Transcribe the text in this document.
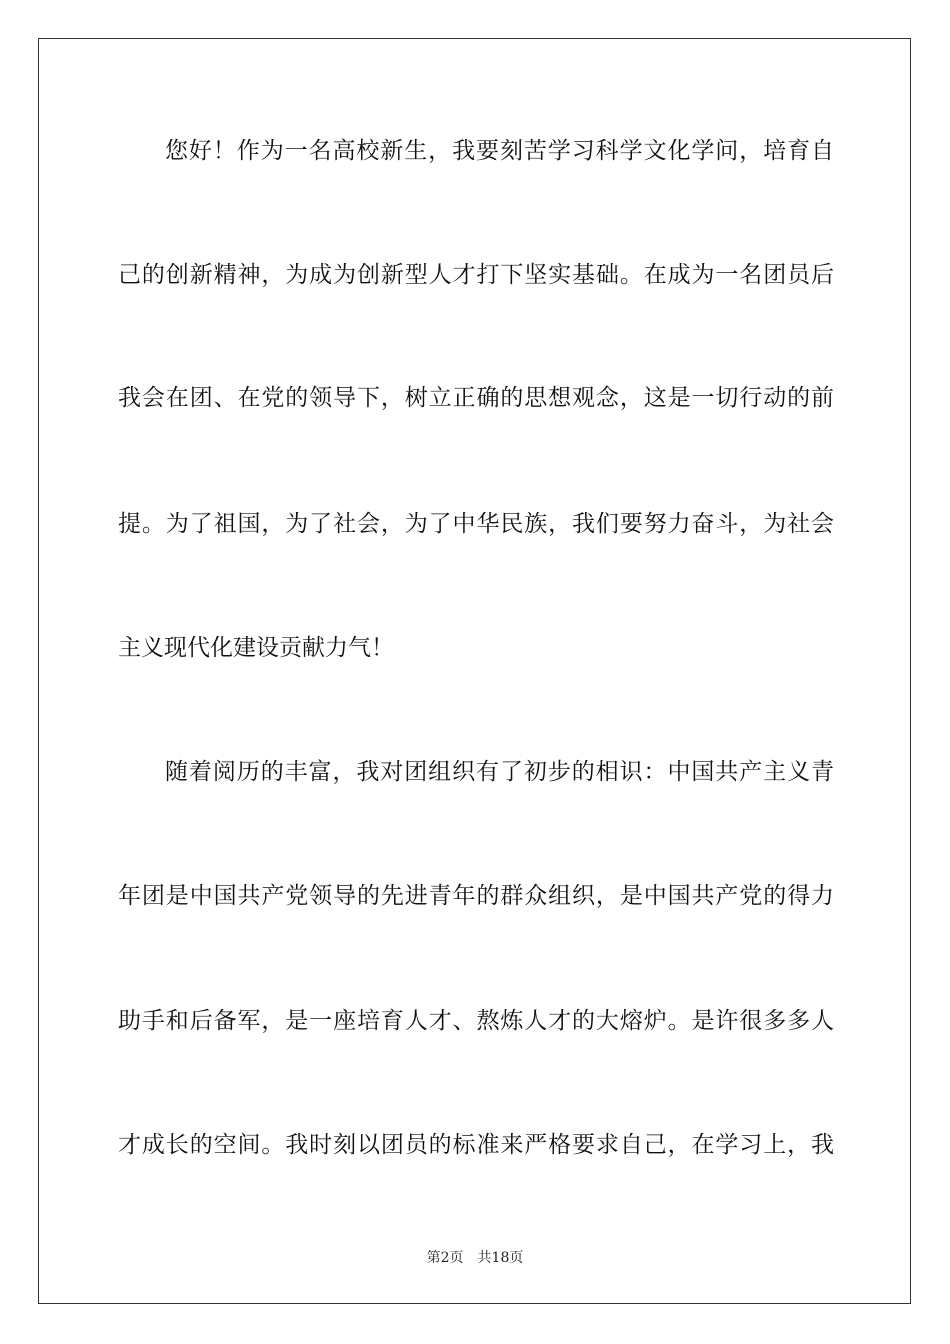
您好！作为一名高校新生，我要刻苦学习科学文化学问，培育自
己的创新精神，为成为创新型人才打下坚实基础。在成为一名团员后
我会在团、在党的领导下，树立正确的思想观念，这是一切行动的前
提。为了祖国，为了社会，为了中华民族，我们要努力奋斗，为社会
主义现代化建设贡献力气！
随着阅历的丰富，我对团组织有了初步的相识：中国共产主义青
年团是中国共产党领导的先进青年的群众组织，是中国共产党的得力
助手和后备军，是一座培育人才、熬炼人才的大熔炉。是许很多多人
才成长的空间。我时刻以团员的标准来严格要求自己，在学习上，我
第2页 共18页
